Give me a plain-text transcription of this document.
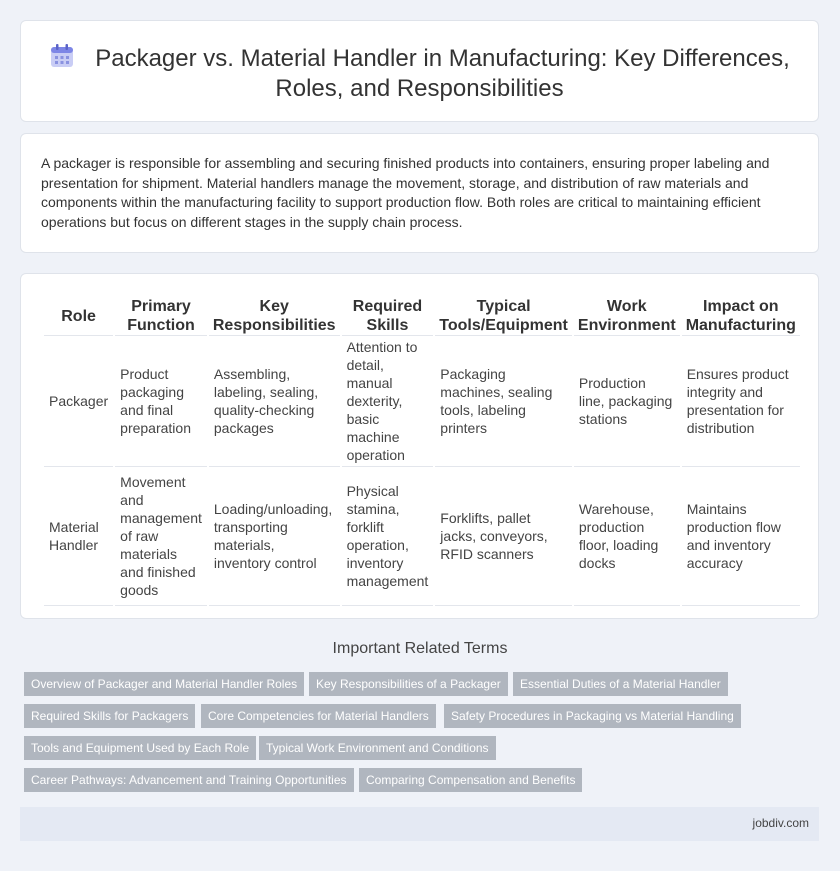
Packager vs. Material Handler in Manufacturing: Key Differences, Roles, and Responsibilities

A packager is responsible for assembling and securing finished products into containers, ensuring proper labeling and presentation for shipment. Material handlers manage the movement, storage, and distribution of raw materials and components within the manufacturing facility to support production flow. Both roles are critical to maintaining efficient operations but focus on different stages in the supply chain process.

Role	Primary Function	Key Responsibilities	Required Skills	Typical Tools/Equipment	Work Environment	Impact on Manufacturing
Packager	Product packaging and final preparation	Assembling, labeling, sealing, quality-checking packages	Attention to detail, manual dexterity, basic machine operation	Packaging machines, sealing tools, labeling printers	Production line, packaging stations	Ensures product integrity and presentation for distribution
Material Handler	Movement and management of raw materials and finished goods	Loading/unloading, transporting materials, inventory control	Physical stamina, forklift operation, inventory management	Forklifts, pallet jacks, conveyors, RFID scanners	Warehouse, production floor, loading docks	Maintains production flow and inventory accuracy
Important Related Terms
Overview of Packager and Material Handler Roles	Key Responsibilities of a Packager	Essential Duties of a Material Handler
Required Skills for Packagers	Core Competencies for Material Handlers	Safety Procedures in Packaging vs Material Handling
Tools and Equipment Used by Each Role	Typical Work Environment and Conditions
Career Pathways: Advancement and Training Opportunities	Comparing Compensation and Benefits
jobdiv.com
